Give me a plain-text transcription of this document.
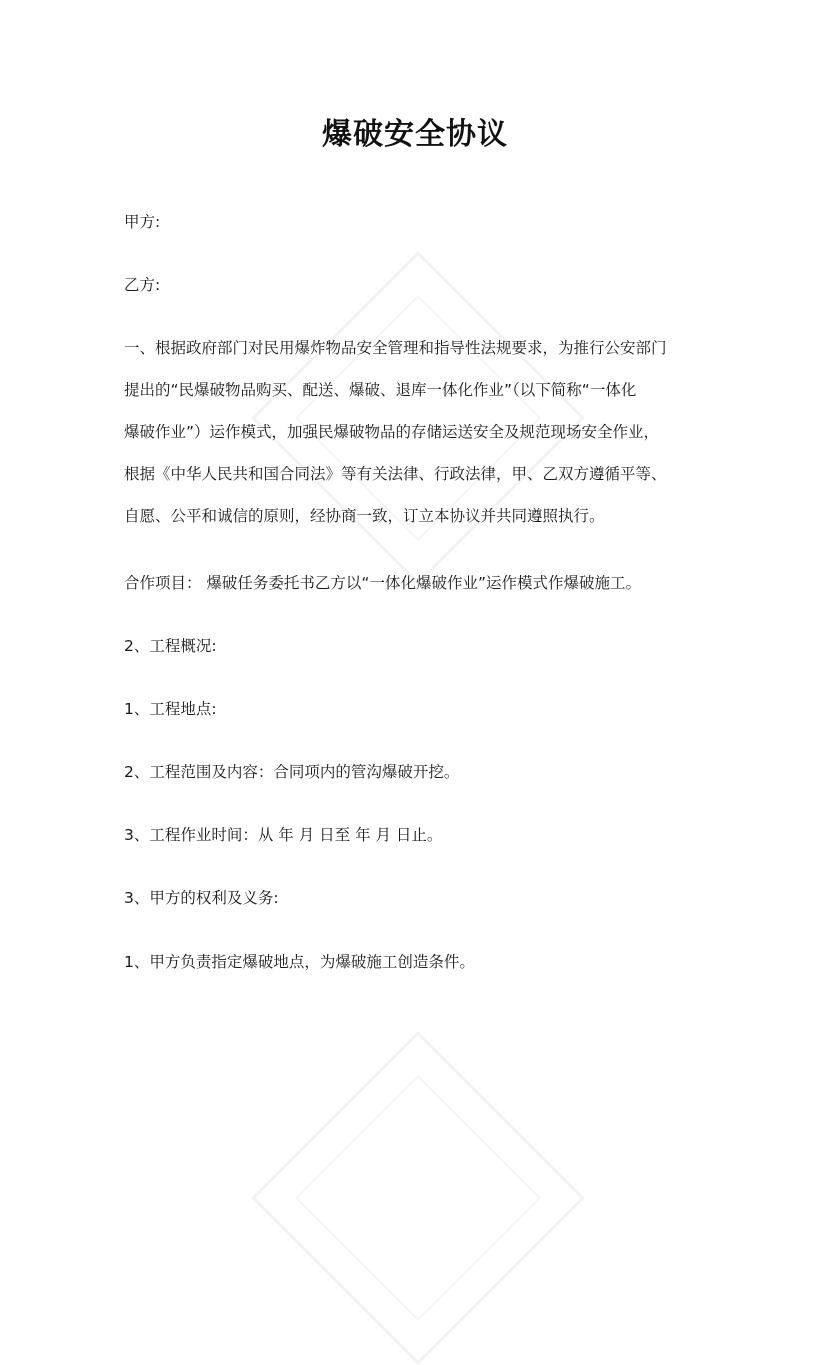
爆破安全协议
甲方:
乙方:
一、根据政府部门对民用爆炸物品安全管理和指导性法规要求，为推行公安部门
提出的“民爆破物品购买、配送、爆破、退库一体化作业”（以下简称“一体化
爆破作业”）运作模式，加强民爆破物品的存储运送安全及规范现场安全作业，
根据《中华人民共和国合同法》等有关法律、行政法律，甲、乙双方遵循平等、
自愿、公平和诚信的原则，经协商一致，订立本协议并共同遵照执行。
合作项目： 爆破任务委托书乙方以“一体化爆破作业”运作模式作爆破施工。
2、工程概况:
1、工程地点:
2、工程范围及内容：合同项内的管沟爆破开挖。
3、工程作业时间：从 年 月 日至 年 月 日止。
3、甲方的权利及义务:
1、甲方负责指定爆破地点，为爆破施工创造条件。
